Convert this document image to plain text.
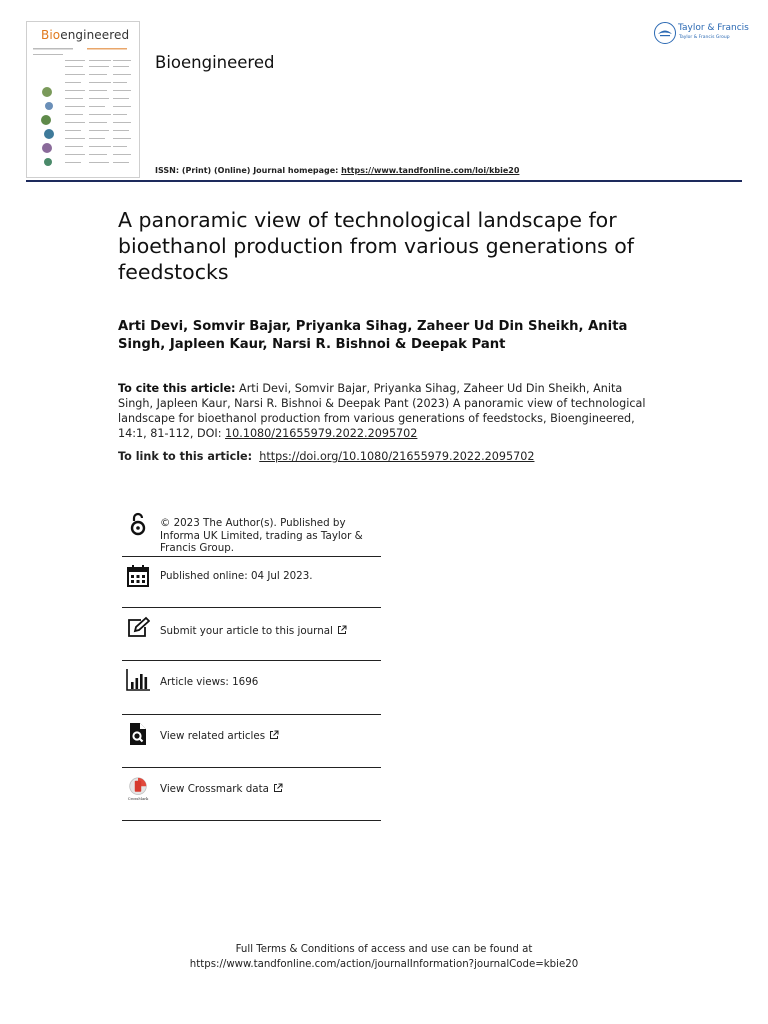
Bioengineered
Bioengineered
ISSN: (Print) (Online) Journal homepage: https://www.tandfonline.com/loi/kbie20
Taylor & Francis
Taylor & Francis Group
A panoramic view of technological landscape for bioethanol production from various generations of feedstocks
Arti Devi, Somvir Bajar, Priyanka Sihag, Zaheer Ud Din Sheikh, Anita Singh, Japleen Kaur, Narsi R. Bishnoi & Deepak Pant
To cite this article: Arti Devi, Somvir Bajar, Priyanka Sihag, Zaheer Ud Din Sheikh, Anita Singh, Japleen Kaur, Narsi R. Bishnoi & Deepak Pant (2023) A panoramic view of technological landscape for bioethanol production from various generations of feedstocks, Bioengineered, 14:1, 81-112, DOI: 10.1080/21655979.2022.2095702
To link to this article: https://doi.org/10.1080/21655979.2022.2095702
© 2023 The Author(s). Published by Informa UK Limited, trading as Taylor & Francis Group.
Published online: 04 Jul 2023.
Submit your article to this journal
Article views: 1696
View related articles
CrossMark
View Crossmark data
Full Terms & Conditions of access and use can be found at
https://www.tandfonline.com/action/journalInformation?journalCode=kbie20
